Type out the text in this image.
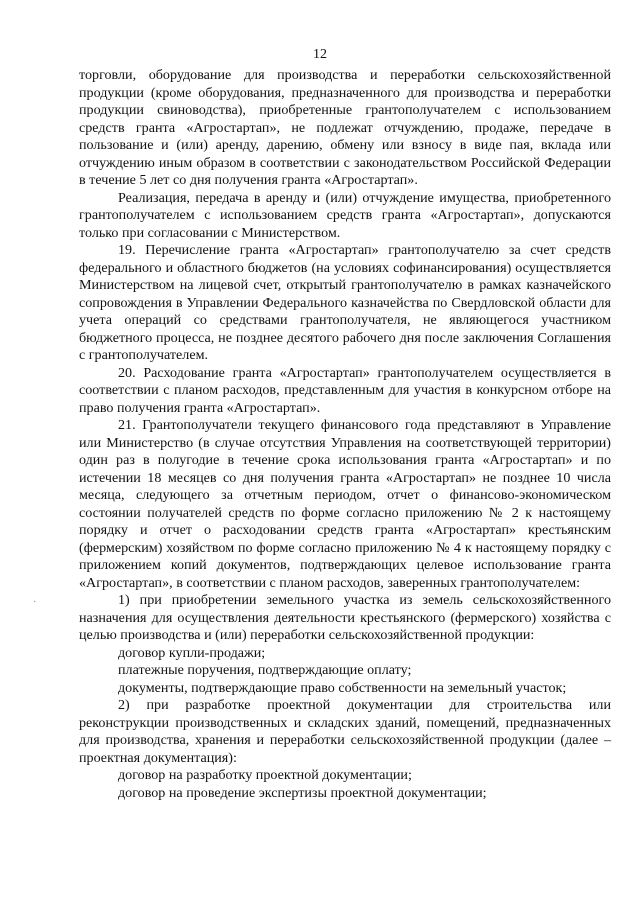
12

торговли, оборудование для производства и переработки сельскохозяйственной продукции (кроме оборудования, предназначенного для производства и переработки продукции свиноводства), приобретенные грантополучателем с использованием средств гранта «Агростартап», не подлежат отчуждению, продаже, передаче в пользование и (или) аренду, дарению, обмену или взносу в виде пая, вклада или отчуждению иным образом в соответствии с законодательством Российской Федерации в течение 5 лет со дня получения гранта «Агростартап».

Реализация, передача в аренду и (или) отчуждение имущества, приобретенного грантополучателем с использованием средств гранта «Агростартап», допускаются только при согласовании с Министерством.

19. Перечисление гранта «Агростартап» грантополучателю за счет средств федерального и областного бюджетов (на условиях софинансирования) осуществляется Министерством на лицевой счет, открытый грантополучателю в рамках казначейского сопровождения в Управлении Федерального казначейства по Свердловской области для учета операций со средствами грантополучателя, не являющегося участником бюджетного процесса, не позднее десятого рабочего дня после заключения Соглашения с грантополучателем.

20. Расходование гранта «Агростартап» грантополучателем осуществляется в соответствии с планом расходов, представленным для участия в конкурсном отборе на право получения гранта «Агростартап».

21. Грантополучатели текущего финансового года представляют в Управление или Министерство (в случае отсутствия Управления на соответствующей территории) один раз в полугодие в течение срока использования гранта «Агростартап» и по истечении 18 месяцев со дня получения гранта «Агростартап» не позднее 10 числа месяца, следующего за отчетным периодом, отчет о финансово-экономическом состоянии получателей средств по форме согласно приложению № 2 к настоящему порядку и отчет о расходовании средств гранта «Агростартап» крестьянским (фермерским) хозяйством по форме согласно приложению № 4 к настоящему порядку с приложением копий документов, подтверждающих целевое использование гранта «Агростартап», в соответствии с планом расходов, заверенных грантополучателем:

1) при приобретении земельного участка из земель сельскохозяйственного назначения для осуществления деятельности крестьянского (фермерского) хозяйства с целью производства и (или) переработки сельскохозяйственной продукции:

договор купли-продажи;

платежные поручения, подтверждающие оплату;

документы, подтверждающие право собственности на земельный участок;

2) при разработке проектной документации для строительства или реконструкции производственных и складских зданий, помещений, предназначенных для производства, хранения и переработки сельскохозяйственной продукции (далее – проектная документация):

договор на разработку проектной документации;

договор на проведение экспертизы проектной документации;

·
